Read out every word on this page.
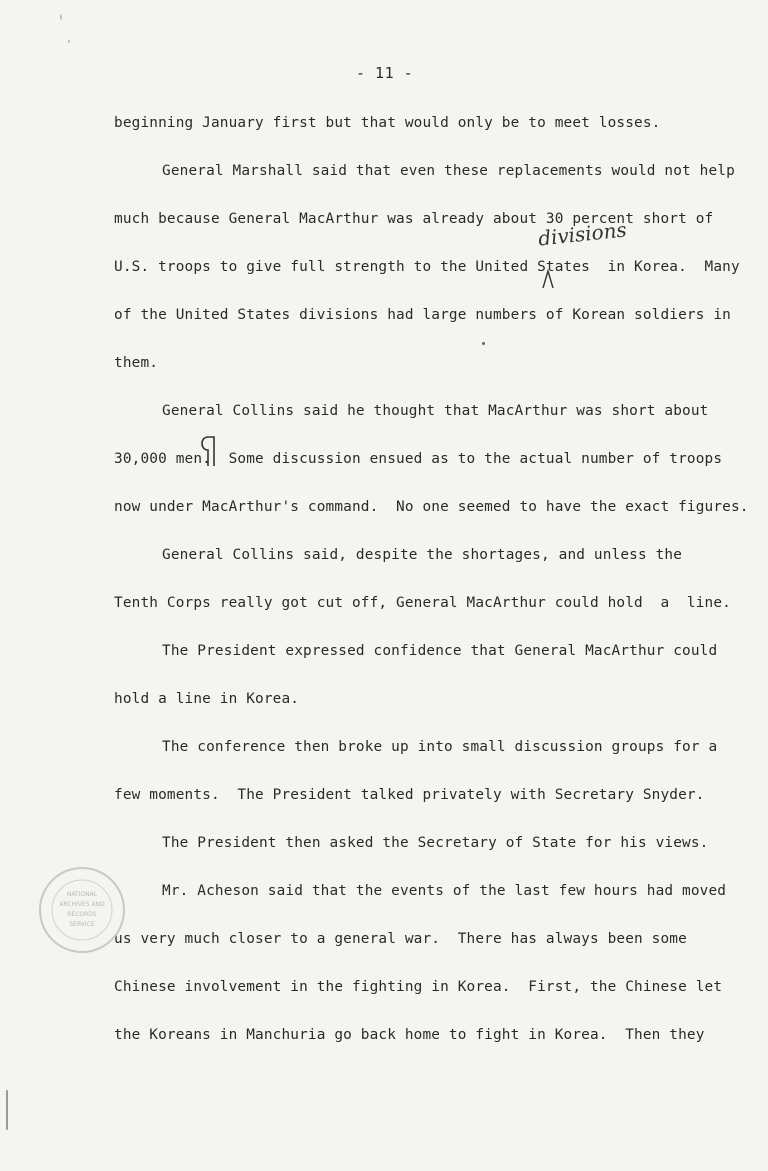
- 11 -
beginning January first but that would only be to meet losses.
General Marshall said that even these replacements would not help
much because General MacArthur was already about 30 percent short of
U.S. troops to give full strength to the United States  in Korea.  Many
of the United States divisions had large numbers of Korean soldiers in
them.
General Collins said he thought that MacArthur was short about
30,000 men.  Some discussion ensued as to the actual number of troops
now under MacArthur's command.  No one seemed to have the exact figures.
General Collins said, despite the shortages, and unless the
Tenth Corps really got cut off, General MacArthur could hold  a  line.
The President expressed confidence that General MacArthur could
hold a line in Korea.
The conference then broke up into small discussion groups for a
few moments.  The President talked privately with Secretary Snyder.
The President then asked the Secretary of State for his views.
Mr. Acheson said that the events of the last few hours had moved
us very much closer to a general war.  There has always been some
Chinese involvement in the fighting in Korea.  First, the Chinese let
the Koreans in Manchuria go back home to fight in Korea.  Then they
divisions
NATIONAL
ARCHIVES AND
RECORDS
SERVICE
